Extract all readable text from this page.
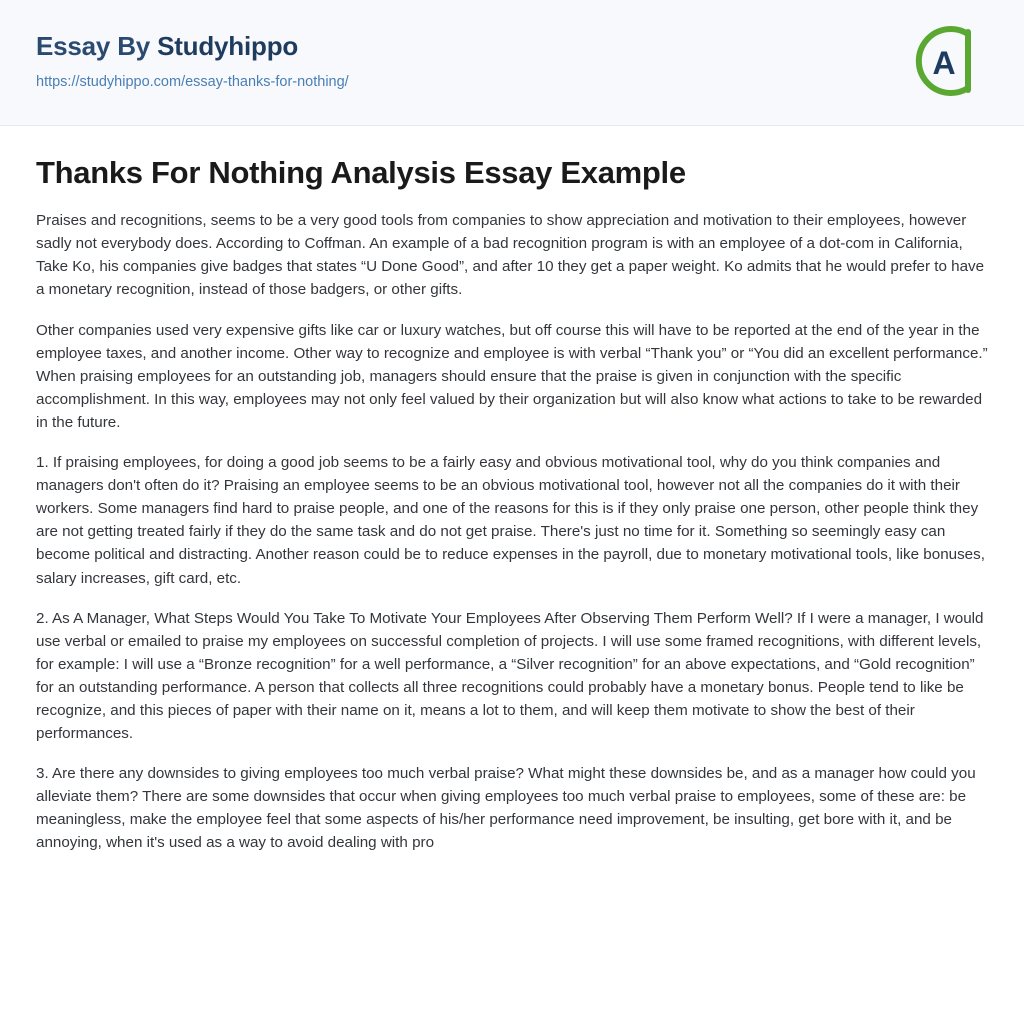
Essay By Studyhippo
https://studyhippo.com/essay-thanks-for-nothing/
A
Thanks For Nothing Analysis Essay Example

Praises and recognitions, seems to be a very good tools from companies to show appreciation and motivation to their employees, however sadly not everybody does. According to Coffman. An example of a bad recognition program is with an employee of a dot-com in California, Take Ko, his companies give badges that states “U Done Good”, and after 10 they get a paper weight. Ko admits that he would prefer to have a monetary recognition, instead of those badgers, or other gifts.

Other companies used very expensive gifts like car or luxury watches, but off course this will have to be reported at the end of the year in the employee taxes, and another income. Other way to recognize and employee is with verbal “Thank you” or “You did an excellent performance.” When praising employees for an outstanding job, managers should ensure that the praise is given in conjunction with the specific accomplishment. In this way, employees may not only feel valued by their organization but will also know what actions to take to be rewarded in the future.

1. If praising employees, for doing a good job seems to be a fairly easy and obvious motivational tool, why do you think companies and managers don't often do it? Praising an employee seems to be an obvious motivational tool, however not all the companies do it with their workers. Some managers find hard to praise people, and one of the reasons for this is if they only praise one person, other people think they are not getting treated fairly if they do the same task and do not get praise. There's just no time for it. Something so seemingly easy can become political and distracting. Another reason could be to reduce expenses in the payroll, due to monetary motivational tools, like bonuses, salary increases, gift card, etc.

2. As A Manager, What Steps Would You Take To Motivate Your Employees After Observing Them Perform Well? If I were a manager, I would use verbal or emailed to praise my employees on successful completion of projects. I will use some framed recognitions, with different levels, for example: I will use a “Bronze recognition” for a well performance, a “Silver recognition” for an above expectations, and “Gold recognition” for an outstanding performance. A person that collects all three recognitions could probably have a monetary bonus. People tend to like be recognize, and this pieces of paper with their name on it, means a lot to them, and will keep them motivate to show the best of their performances.

3. Are there any downsides to giving employees too much verbal praise? What might these downsides be, and as a manager how could you alleviate them? There are some downsides that occur when giving employees too much verbal praise to employees, some of these are: be meaningless, make the employee feel that some aspects of his/her performance need improvement, be insulting, get bore with it, and be annoying, when it's used as a way to avoid dealing with pro
